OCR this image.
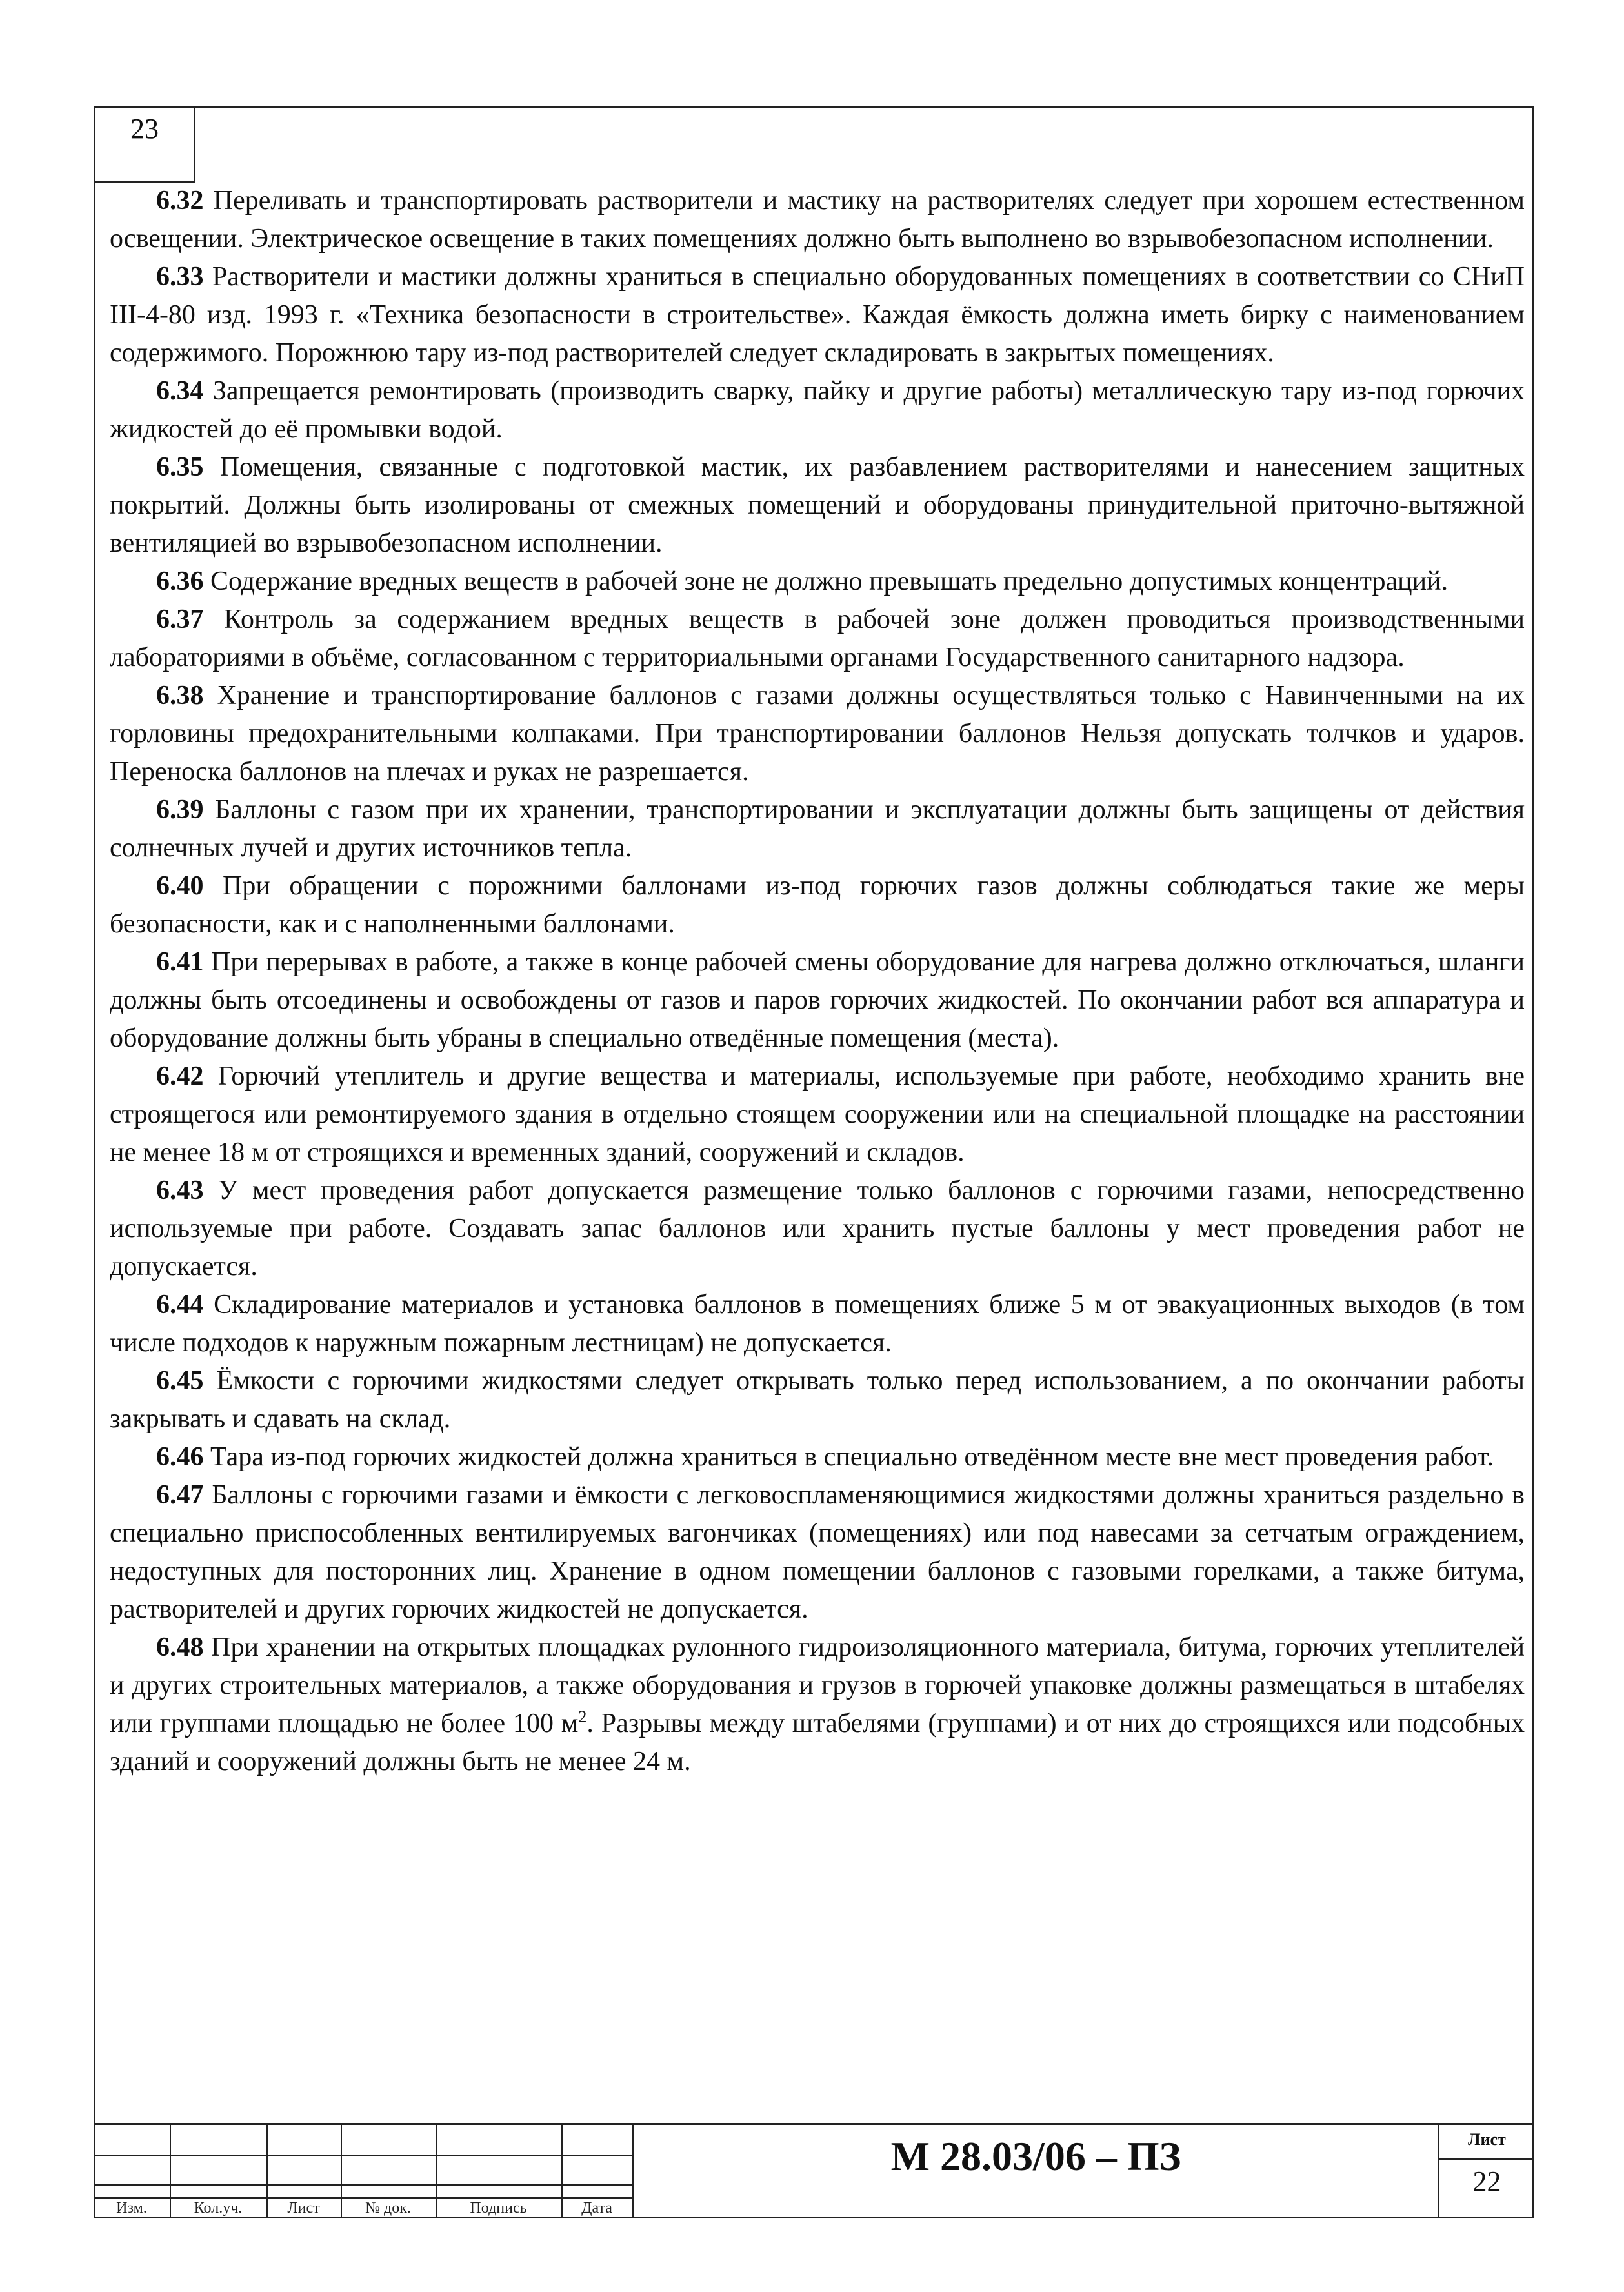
23

6.32 Переливать и транспортировать растворители и мастику на растворителях следует при хорошем естественном освещении. Электрическое освещение в таких помещениях должно быть выполнено во взрывобезопасном исполнении.

6.33 Растворители и мастики должны храниться в специально оборудованных помещениях в соответствии со СНиП III-4-80 изд. 1993 г. «Техника безопасности в строительстве». Каждая ёмкость должна иметь бирку с наименованием содержимого. Порожнюю тару из-под растворителей следует складировать в закрытых помещениях.

6.34 Запрещается ремонтировать (производить сварку, пайку и другие работы) металлическую тару из-под горючих жидкостей до её промывки водой.

6.35 Помещения, связанные с подготовкой мастик, их разбавлением растворителями и нанесением защитных покрытий. Должны быть изолированы от смежных помещений и оборудованы принудительной приточно-вытяжной вентиляцией во взрывобезопасном исполнении.

6.36 Содержание вредных веществ в рабочей зоне не должно превышать предельно допустимых концентраций.

6.37 Контроль за содержанием вредных веществ в рабочей зоне должен проводиться производственными лабораториями в объёме, согласованном с территориальными органами Государственного санитарного надзора.

6.38 Хранение и транспортирование баллонов с газами должны осуществляться только с Навинченными на их горловины предохранительными колпаками. При транспортировании баллонов Нельзя допускать толчков и ударов. Переноска баллонов на плечах и руках не разрешается.

6.39 Баллоны с газом при их хранении, транспортировании и эксплуатации должны быть защищены от действия солнечных лучей и других источников тепла.

6.40 При обращении с порожними баллонами из-под горючих газов должны соблюдаться такие же меры безопасности, как и с наполненными баллонами.

6.41 При перерывах в работе, а также в конце рабочей смены оборудование для нагрева должно отключаться, шланги должны быть отсоединены и освобождены от газов и паров горючих жидкостей. По окончании работ вся аппаратура и оборудование должны быть убраны в специально отведённые помещения (места).

6.42 Горючий утеплитель и другие вещества и материалы, используемые при работе, необходимо хранить вне строящегося или ремонтируемого здания в отдельно стоящем сооружении или на специальной площадке на расстоянии не менее 18 м от строящихся и временных зданий, сооружений и складов.

6.43 У мест проведения работ допускается размещение только баллонов с горючими газами, непосредственно используемые при работе. Создавать запас баллонов или хранить пустые баллоны у мест проведения работ не допускается.

6.44 Складирование материалов и установка баллонов в помещениях ближе 5 м от эвакуационных выходов (в том числе подходов к наружным пожарным лестницам) не допускается.

6.45 Ёмкости с горючими жидкостями следует открывать только перед использованием, а по окончании работы закрывать и сдавать на склад.

6.46 Тара из-под горючих жидкостей должна храниться в специально отведённом месте вне мест проведения работ.

6.47 Баллоны с горючими газами и ёмкости с легковоспламеняющимися жидкостями должны храниться раздельно в специально приспособленных вентилируемых вагончиках (помещениях) или под навесами за сетчатым ограждением, недоступных для посторонних лиц. Хранение в одном помещении баллонов с газовыми горелками, а также битума, растворителей и других горючих жидкостей не допускается.

6.48 При хранении на открытых площадках рулонного гидроизоляционного материала, битума, горючих утеплителей и других строительных материалов, а также оборудования и грузов в горючей упаковке должны размещаться в штабелях или группами площадью не более 100 $м^2$. Разрывы между штабелями (группами) и от них до строящихся или подсобных зданий и сооружений должны быть не менее 24 м.

Изм.	Кол.уч.	Лист	№ док.	Подпись	Дата
М 28.03/06 – ПЗ	Лист
22
